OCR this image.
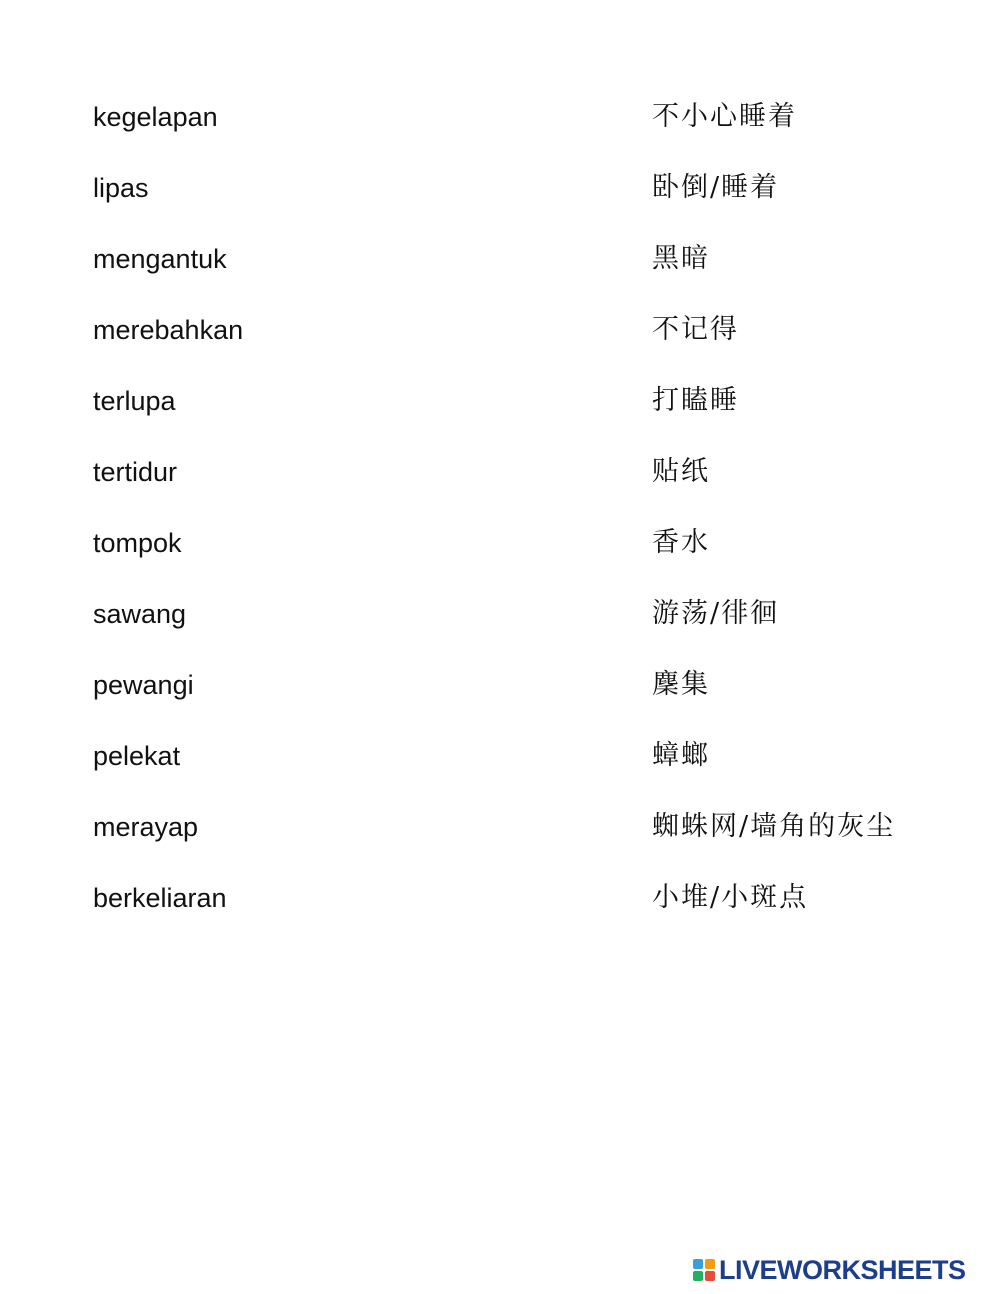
kegelapan
lipas
mengantuk
merebahkan
terlupa
tertidur
tompok
sawang
pewangi
pelekat
merayap
berkeliaran
不小心睡着
卧倒/睡着
黑暗
不记得
打瞌睡
贴纸
香水
游荡/徘徊
麇集
蟑螂
蜘蛛网/墙角的灰尘
小堆/小斑点
LIVEWORKSHEETS
